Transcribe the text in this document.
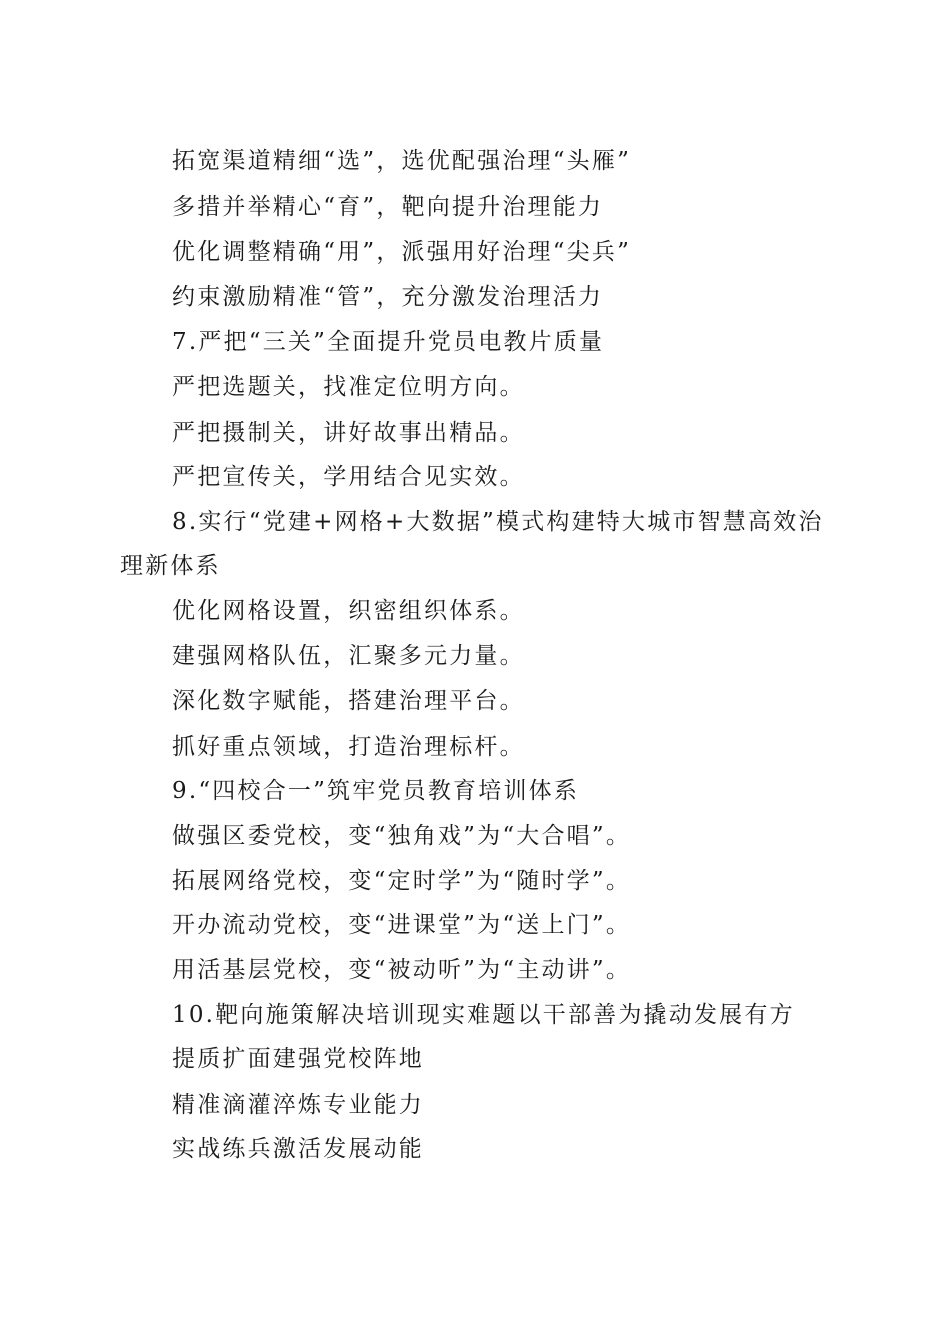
拓宽渠道精细“选”，选优配强治理“头雁”
多措并举精心“育”，靶向提升治理能力
优化调整精确“用”，派强用好治理“尖兵”
约束激励精准“管”，充分激发治理活力
7.严把“三关”全面提升党员电教片质量
严把选题关，找准定位明方向。
严把摄制关，讲好故事出精品。
严把宣传关，学用结合见实效。
8.实行“党建+网格+大数据”模式构建特大城市智慧高效治理新体系
优化网格设置，织密组织体系。
建强网格队伍，汇聚多元力量。
深化数字赋能，搭建治理平台。
抓好重点领域，打造治理标杆。
9.“四校合一”筑牢党员教育培训体系
做强区委党校，变“独角戏”为“大合唱”。
拓展网络党校，变“定时学”为“随时学”。
开办流动党校，变“进课堂”为“送上门”。
用活基层党校，变“被动听”为“主动讲”。
10.靶向施策解决培训现实难题以干部善为撬动发展有方
提质扩面建强党校阵地
精准滴灌淬炼专业能力
实战练兵激活发展动能
